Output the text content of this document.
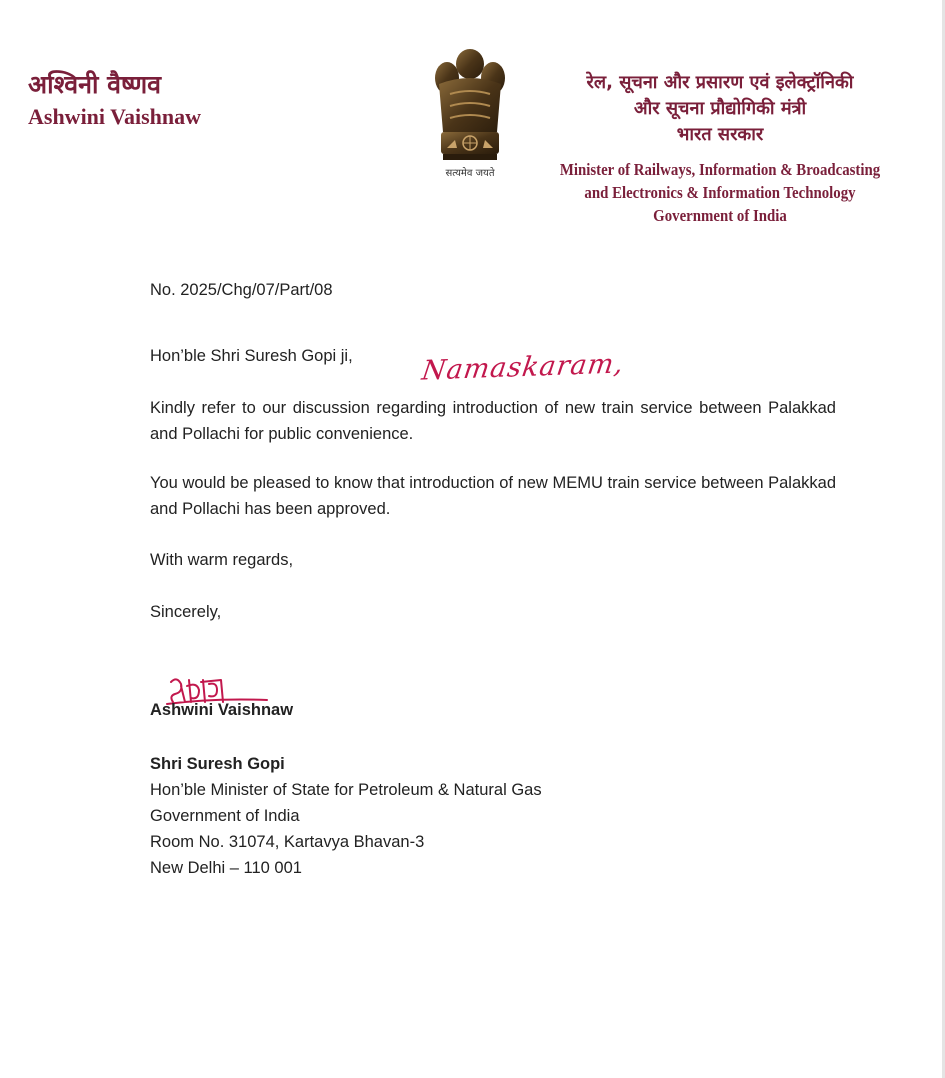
अश्विनी वैष्णव
Ashwini Vaishnaw
सत्यमेव जयते
रेल, सूचना और प्रसारण एवं इलेक्ट्रॉनिकी
और सूचना प्रौद्योगिकी मंत्री
भारत सरकार
Minister of Railways, Information & Broadcasting
and Electronics & Information Technology
Government of India
No. 2025/Chg/07/Part/08
Hon’ble Shri Suresh Gopi ji,	Namaskaram,
Kindly refer to our discussion regarding introduction of new train service between Palakkad and Pollachi for public convenience.
You would be pleased to know that introduction of new MEMU train service between Palakkad and Pollachi has been approved.
With warm regards,
Sincerely,
Ashwini Vaishnaw
Shri Suresh Gopi
Hon’ble Minister of State for Petroleum & Natural Gas
Government of India
Room No. 31074, Kartavya Bhavan-3
New Delhi – 110 001
